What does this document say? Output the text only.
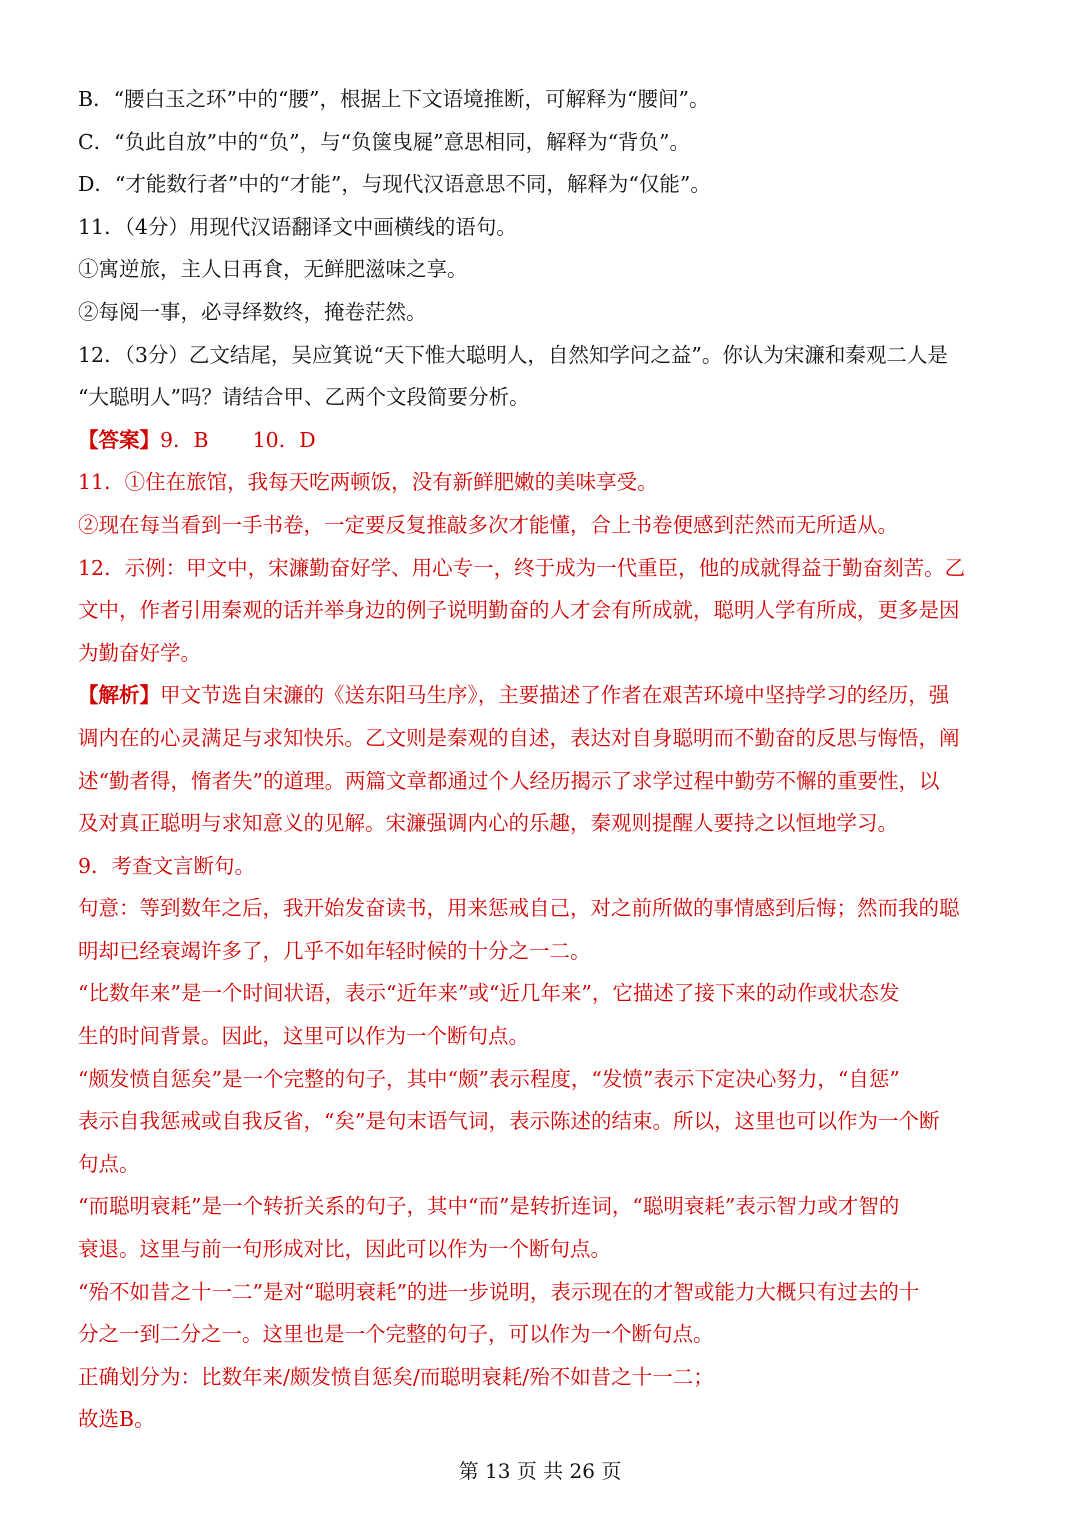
B．“腰白玉之环”中的“腰”，根据上下文语境推断，可解释为“腰间”。
C．“负此自放”中的“负”，与“负箧曳屣”意思相同，解释为“背负”。
D．“才能数行者”中的“才能”，与现代汉语意思不同，解释为“仅能”。
11．（4分）用现代汉语翻译文中画横线的语句。
①寓逆旅，主人日再食，无鲜肥滋味之享。
②每阅一事，必寻绎数终，掩卷茫然。
12．（3分）乙文结尾，吴应箕说“天下惟大聪明人，自然知学问之益”。你认为宋濂和秦观二人是
“大聪明人”吗？请结合甲、乙两个文段简要分析。
【答案】9．B 10．D
11．①住在旅馆，我每天吃两顿饭，没有新鲜肥嫩的美味享受。
②现在每当看到一手书卷，一定要反复推敲多次才能懂，合上书卷便感到茫然而无所适从。
12．示例：甲文中，宋濂勤奋好学、用心专一，终于成为一代重臣，他的成就得益于勤奋刻苦。乙
文中，作者引用秦观的话并举身边的例子说明勤奋的人才会有所成就，聪明人学有所成，更多是因
为勤奋好学。
【解析】甲文节选自宋濂的《送东阳马生序》，主要描述了作者在艰苦环境中坚持学习的经历，强
调内在的心灵满足与求知快乐。乙文则是秦观的自述，表达对自身聪明而不勤奋的反思与悔悟，阐
述“勤者得，惰者失”的道理。两篇文章都通过个人经历揭示了求学过程中勤劳不懈的重要性，以
及对真正聪明与求知意义的见解。宋濂强调内心的乐趣，秦观则提醒人要持之以恒地学习。
9．考查文言断句。
句意：等到数年之后，我开始发奋读书，用来惩戒自己，对之前所做的事情感到后悔；然而我的聪
明却已经衰竭许多了，几乎不如年轻时候的十分之一二。
“比数年来”是一个时间状语，表示“近年来”或“近几年来”，它描述了接下来的动作或状态发
生的时间背景。因此，这里可以作为一个断句点。
“颇发愤自惩矣”是一个完整的句子，其中“颇”表示程度，“发愤”表示下定决心努力，“自惩”
表示自我惩戒或自我反省，“矣”是句末语气词，表示陈述的结束。所以，这里也可以作为一个断
句点。
“而聪明衰耗”是一个转折关系的句子，其中“而”是转折连词，“聪明衰耗”表示智力或才智的
衰退。这里与前一句形成对比，因此可以作为一个断句点。
“殆不如昔之十一二”是对“聪明衰耗”的进一步说明，表示现在的才智或能力大概只有过去的十
分之一到二分之一。这里也是一个完整的句子，可以作为一个断句点。
正确划分为：比数年来/颇发愤自惩矣/而聪明衰耗/殆不如昔之十一二；
故选B。
第 13 页 共 26 页
